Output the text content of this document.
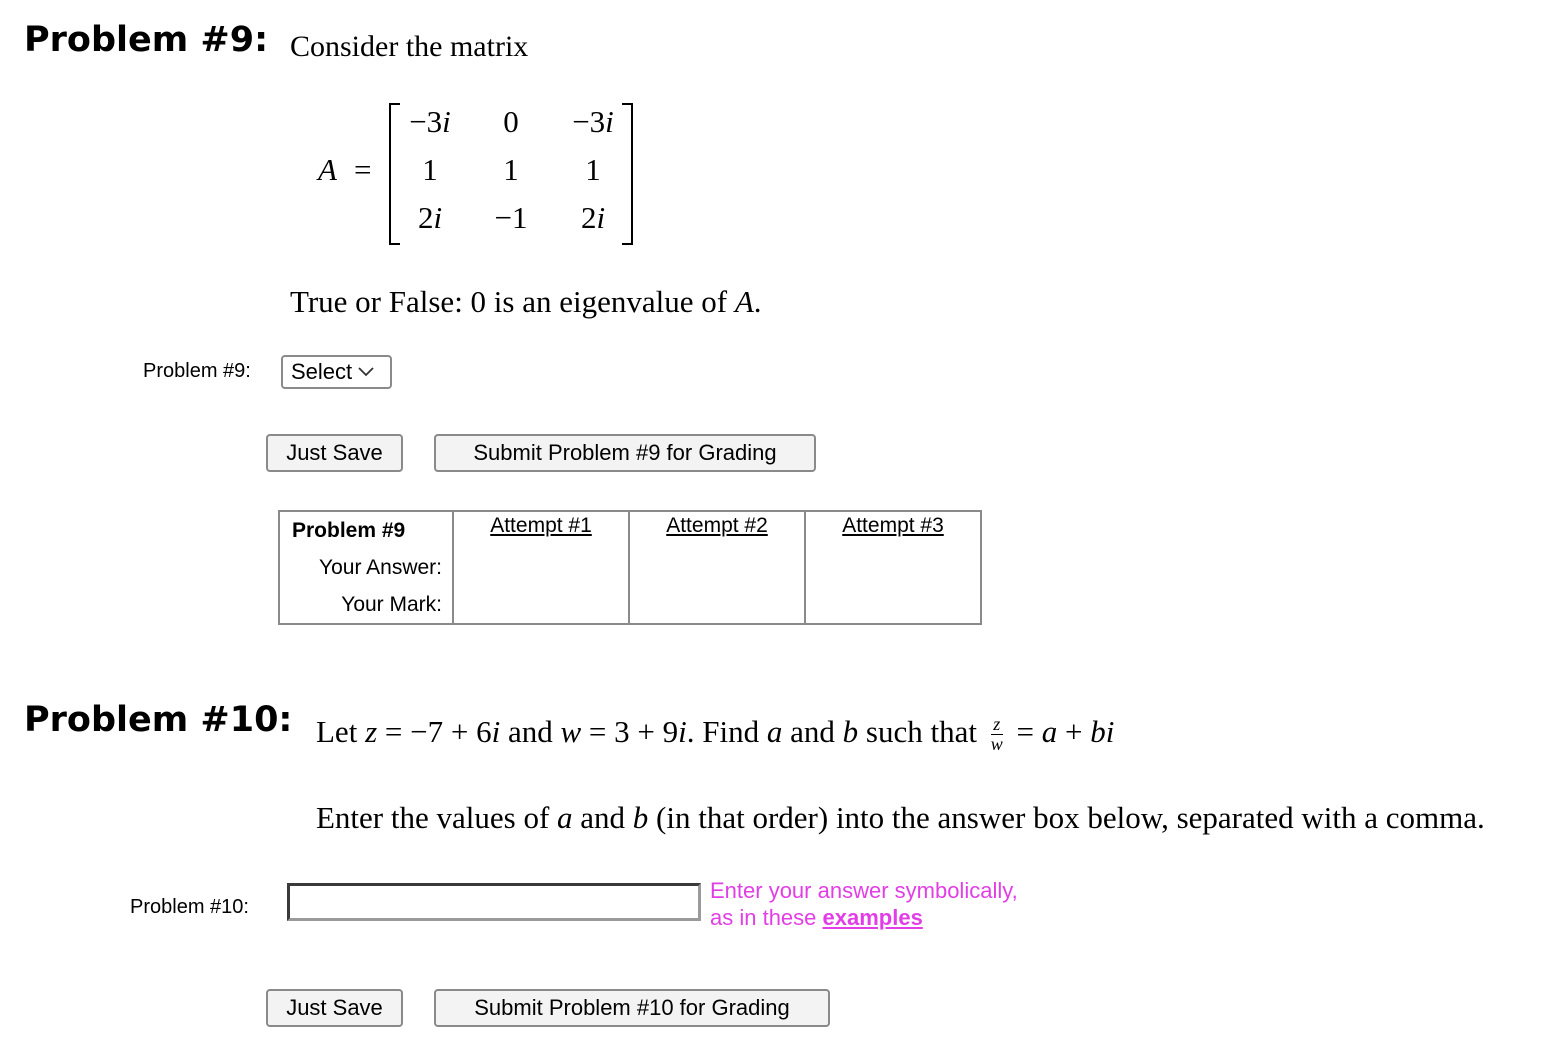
Problem #9: Consider the matrix
A =
−3i	0	−3i
1	1	1
2i	−1	2i
True or False: 0 is an eigenvalue of A.
Problem #9: Select
Just Save	Submit Problem #9 for Grading
Problem #9	Attempt #1	Attempt #2	Attempt #3
Your Answer:
Your Mark:
Problem #10: Let z = −7 + 6i and w = 3 + 9i. Find a and b such that $\frac{z}{w} = a$ + bi
Enter the values of a and b (in that order) into the answer box below, separated with a comma.
Problem #10:
Enter your answer symbolically,
as in these examples
Just Save	Submit Problem #10 for Grading
